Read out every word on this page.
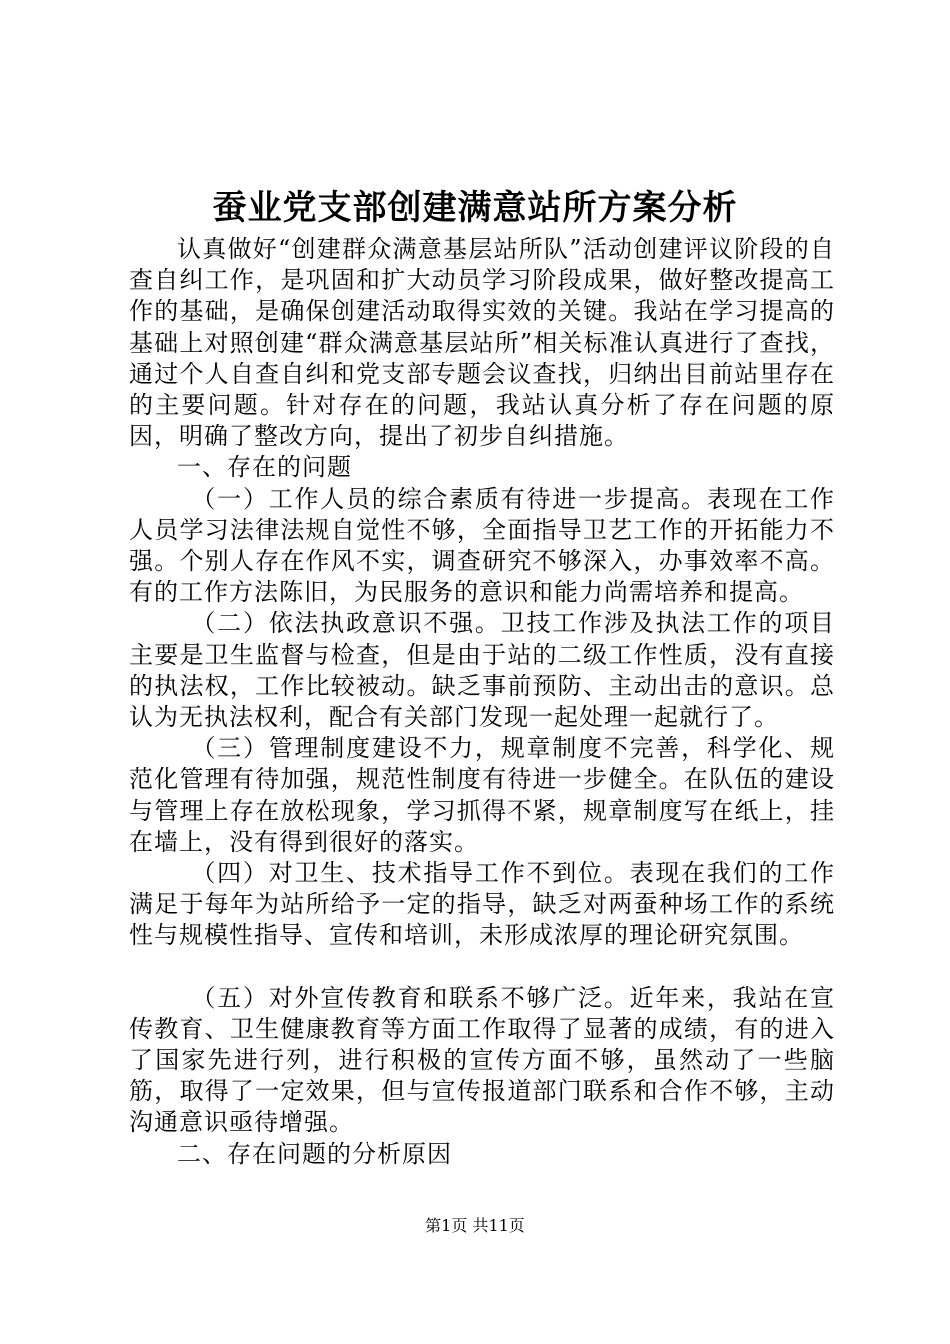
蚕业党支部创建满意站所方案分析

认真做好“创建群众满意基层站所队”活动创建评议阶段的自查自纠工作，是巩固和扩大动员学习阶段成果，做好整改提高工作的基础，是确保创建活动取得实效的关键。我站在学习提高的基础上对照创建“群众满意基层站所”相关标准认真进行了查找，通过个人自查自纠和党支部专题会议查找，归纳出目前站里存在的主要问题。针对存在的问题，我站认真分析了存在问题的原因，明确了整改方向，提出了初步自纠措施。

一、存在的问题

（一）工作人员的综合素质有待进一步提高。表现在工作人员学习法律法规自觉性不够，全面指导卫艺工作的开拓能力不强。个别人存在作风不实，调查研究不够深入，办事效率不高。有的工作方法陈旧，为民服务的意识和能力尚需培养和提高。

（二）依法执政意识不强。卫技工作涉及执法工作的项目主要是卫生监督与检查，但是由于站的二级工作性质，没有直接的执法权，工作比较被动。缺乏事前预防、主动出击的意识。总认为无执法权利，配合有关部门发现一起处理一起就行了。

（三）管理制度建设不力，规章制度不完善，科学化、规范化管理有待加强，规范性制度有待进一步健全。在队伍的建设与管理上存在放松现象，学习抓得不紧，规章制度写在纸上，挂在墙上，没有得到很好的落实。

（四）对卫生、技术指导工作不到位。表现在我们的工作满足于每年为站所给予一定的指导，缺乏对两蚕种场工作的系统性与规模性指导、宣传和培训，未形成浓厚的理论研究氛围。

（五）对外宣传教育和联系不够广泛。近年来，我站在宣传教育、卫生健康教育等方面工作取得了显著的成绩，有的进入了国家先进行列，进行积极的宣传方面不够，虽然动了一些脑筋，取得了一定效果，但与宣传报道部门联系和合作不够，主动沟通意识亟待增强。

二、存在问题的分析原因

第1页 共11页
